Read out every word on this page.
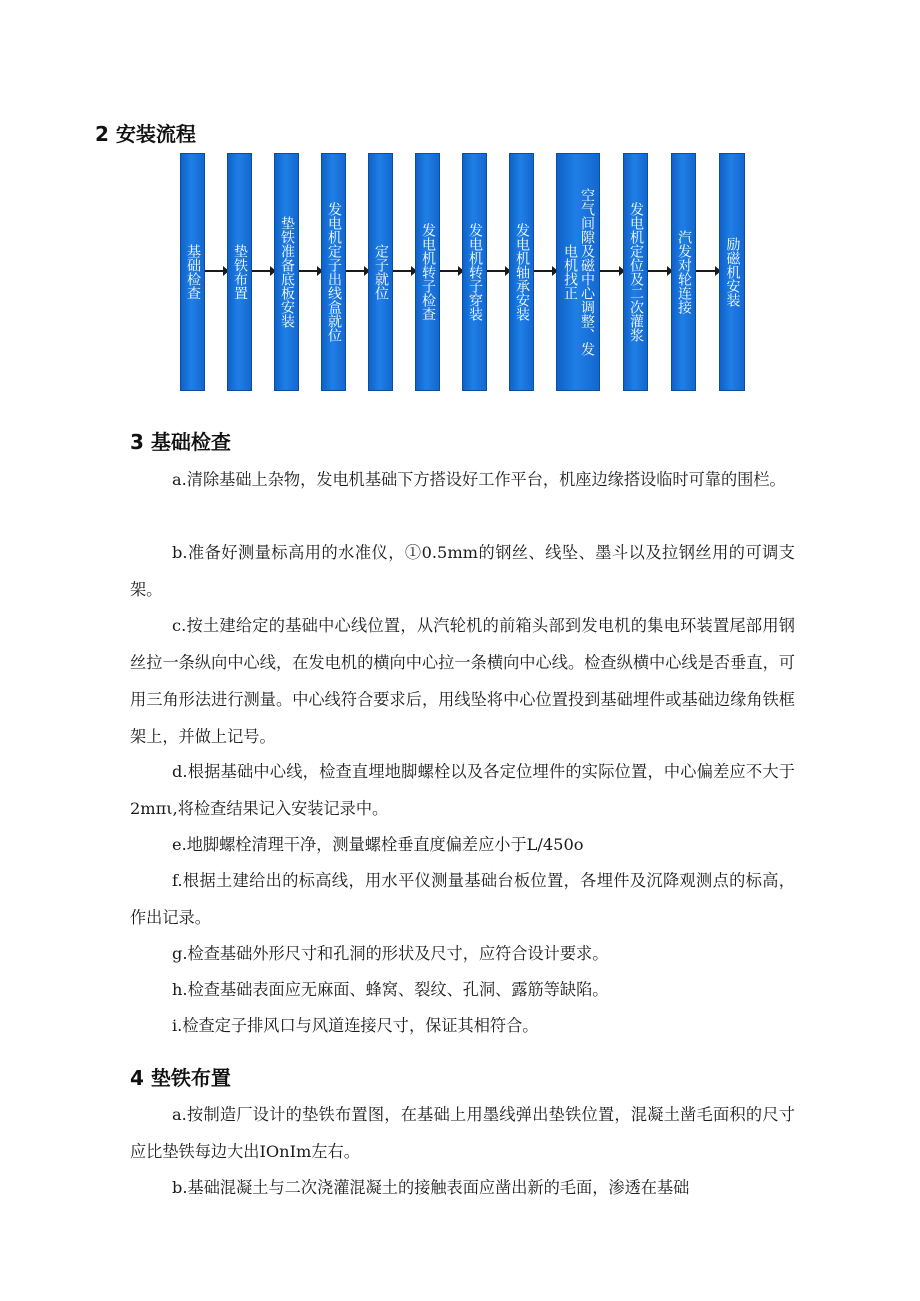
2 安装流程
基础检查 垫铁布置 垫铁准备底板安装 发电机定子出线盒就位 定子就位 发电机转子检查 发电机转子穿装 发电机轴承安装	空气间隙及磁中心调整、发电机找正	发电机定位及二次灌浆 汽发对轮连接 励磁机安装
3 基础检查

a.清除基础上杂物，发电机基础下方搭设好工作平台，机座边缘搭设临时可靠的围栏。

b.准备好测量标高用的水准仪，①0.5mm的钢丝、线坠、墨斗以及拉钢丝用的可调支架。

c.按土建给定的基础中心线位置，从汽轮机的前箱头部到发电机的集电环装置尾部用钢丝拉一条纵向中心线，在发电机的横向中心拉一条横向中心线。检查纵横中心线是否垂直，可用三角形法进行测量。中心线符合要求后，用线坠将中心位置投到基础埋件或基础边缘角铁框架上，并做上记号。

d.根据基础中心线，检查直埋地脚螺栓以及各定位埋件的实际位置，中心偏差应不大于2mπι,将检查结果记入安装记录中。

e.地脚螺栓清理干净，测量螺栓垂直度偏差应小于L∕450o

f.根据土建给出的标高线，用水平仪测量基础台板位置，各埋件及沉降观测点的标高，作出记录。

g.检查基础外形尺寸和孔洞的形状及尺寸，应符合设计要求。

h.检查基础表面应无麻面、蜂窝、裂纹、孔洞、露筋等缺陷。

i.检查定子排风口与风道连接尺寸，保证其相符合。

4 垫铁布置

a.按制造厂设计的垫铁布置图，在基础上用墨线弹出垫铁位置，混凝土凿毛面积的尺寸应比垫铁每边大出IOnIm左右。

b.基础混凝土与二次浇灌混凝土的接触表面应凿出新的毛面，渗透在基础
